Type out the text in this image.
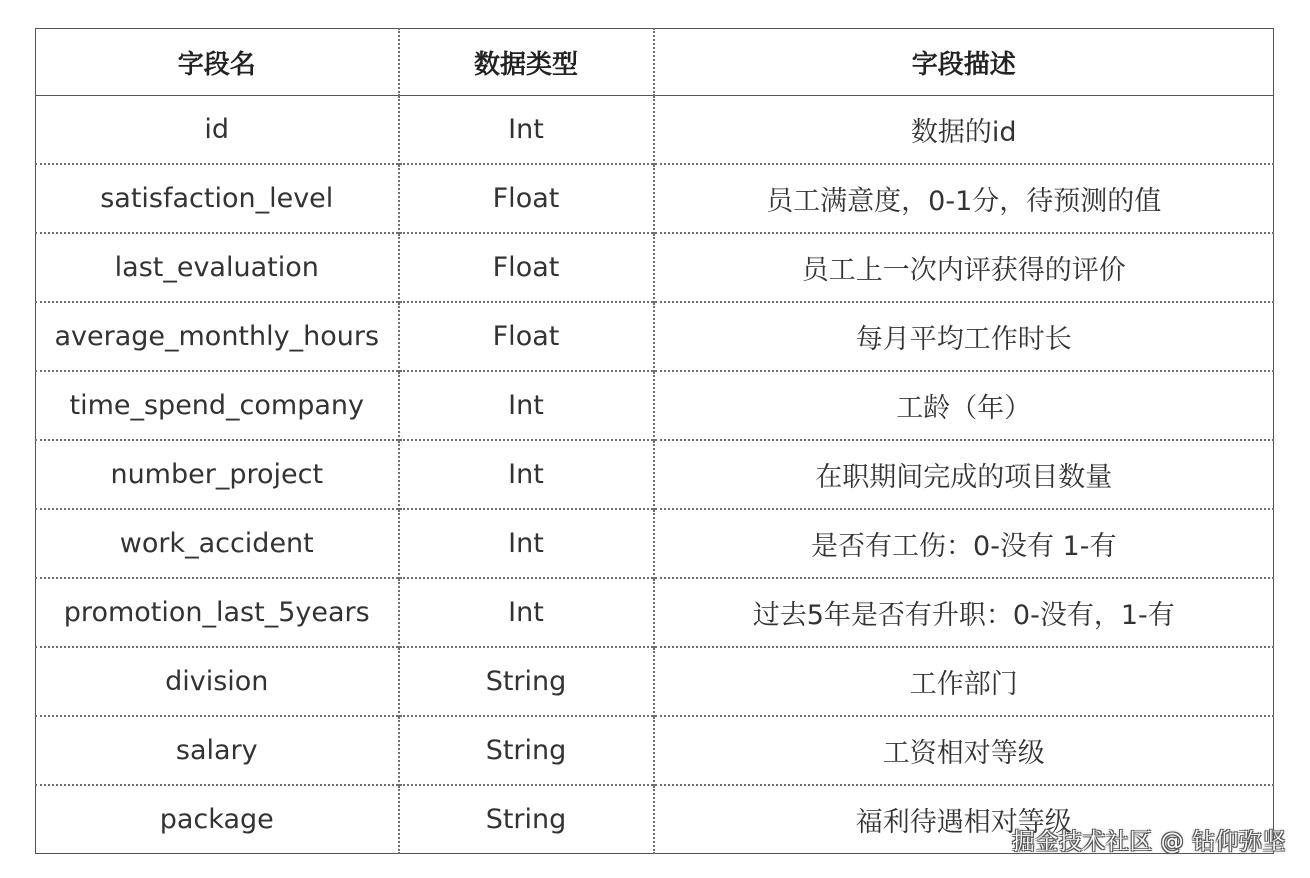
字段名	数据类型	字段描述
id	Int	数据的id
satisfaction_level	Float	员工满意度，0-1分，待预测的值
last_evaluation	Float	员工上一次内评获得的评价
average_monthly_hours	Float	每月平均工作时长
time_spend_company	Int	工龄（年）
number_project	Int	在职期间完成的项目数量
work_accident	Int	是否有工伤：0-没有 1-有
promotion_last_5years	Int	过去5年是否有升职：0-没有，1-有
division	String	工作部门
salary	String	工资相对等级
package	String	福利待遇相对等级
掘金技术社区 @ 钻仰弥坚
